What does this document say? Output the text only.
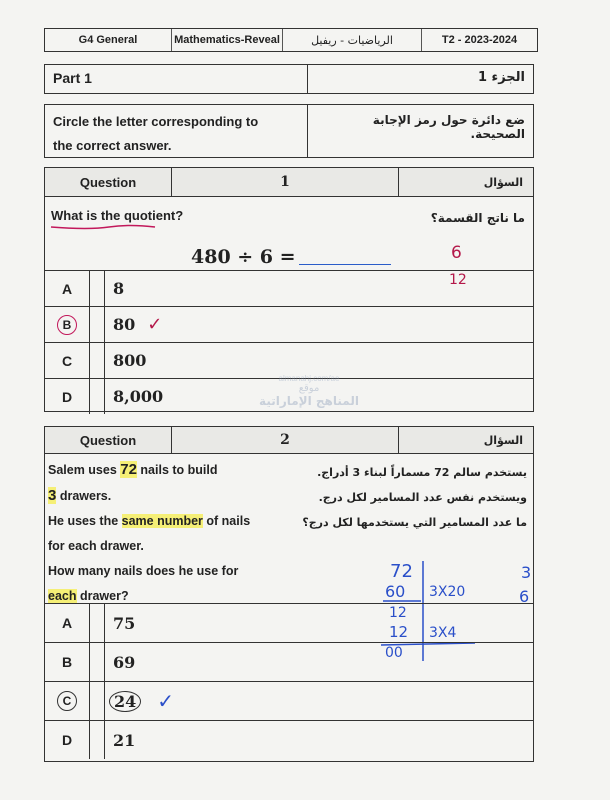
G4 General	Mathematics-Reveal	الرياضيات - ريفيل	T2 - 2023-2024
Part 1	الجزء 1
Circle the letter corresponding to
the correct answer.
ضع دائرة حول رمز الإجابة الصحيحة.
Question	1	السؤال
What is the quotient?	ما ناتج القسمة؟
480 ÷ 6 =	6
12
A	8
B	80 ✓
C	800
D	8,000
almanahj.com/ae
موقع
المناهج الإماراتية
Question	2	السؤال
Salem uses 72 nails to build
3 drawers.
He uses the same number of nails
for each drawer.
How many nails does he use for
each drawer?
يستخدم سالم 72 مسماراً لبناء 3 أدراج.
ويستخدم نفس عدد المسامير لكل درج.
ما عدد المسامير التي يستخدمها لكل درج؟
72
60 3X20
12
12 3X4
00
3
6
A	75
B	69
C	24	✓
D	21
